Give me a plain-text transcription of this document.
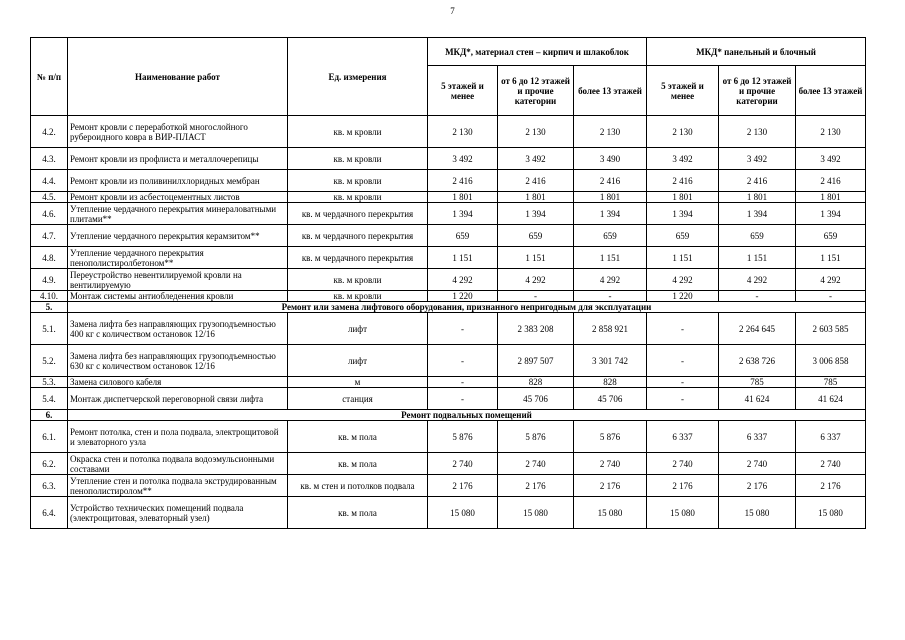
7
№ п/п	Наименование работ	Ед. измерения	МКД*, материал стен – кирпич и шлакоблок			МКД* панельный и блочный		
			5 этажей и менее	от 6 до 12 этажей и прочие категории	более 13 этажей	5 этажей и менее	от 6 до 12 этажей и прочие категории	более 13 этажей
4.2.	Ремонт кровли с переработкой многослойного рубероидного ковра в ВИР-ПЛАСТ	кв. м кровли	2 130	2 130	2 130	2 130	2 130	2 130
4.3.	Ремонт кровли из профлиста и металлочерепицы	кв. м кровли	3 492	3 492	3 490	3 492	3 492	3 492
4.4.	Ремонт кровли из поливинилхлоридных мембран	кв. м кровли	2 416	2 416	2 416	2 416	2 416	2 416
4.5.	Ремонт кровли из асбестоцементных листов	кв. м кровли	1 801	1 801	1 801	1 801	1 801	1 801
4.6.	Утепление чердачного перекрытия минераловатными плитами**	кв. м чердачного перекрытия	1 394	1 394	1 394	1 394	1 394	1 394
4.7.	Утепление чердачного перекрытия керамзитом**	кв. м чердачного перекрытия	659	659	659	659	659	659
4.8.	Утепление чердачного перекрытия пенополистиролбетоном**	кв. м чердачного перекрытия	1 151	1 151	1 151	1 151	1 151	1 151
4.9.	Переустройство невентилируемой кровли на вентилируемую	кв. м кровли	4 292	4 292	4 292	4 292	4 292	4 292
4.10.	Монтаж системы антиобледенения кровли	кв. м кровли	1 220	-	-	1 220	-	-
5.	Ремонт или замена лифтового оборудования, признанного непригодным для эксплуатации							
5.1.	Замена лифта без направляющих грузоподъемностью 400 кг с количеством остановок 12/16	лифт	-	2 383 208	2 858 921	-	2 264 645	2 603 585
5.2.	Замена лифта без направляющих грузоподъемностью 630 кг с количеством остановок 12/16	лифт	-	2 897 507	3 301 742	-	2 638 726	3 006 858
5.3.	Замена силового кабеля	м	-	828	828	-	785	785
5.4.	Монтаж диспетчерской переговорной связи лифта	станция	-	45 706	45 706	-	41 624	41 624
6.	Ремонт подвальных помещений							
6.1.	Ремонт потолка, стен и пола подвала, электрощитовой и элеваторного узла	кв. м пола	5 876	5 876	5 876	6 337	6 337	6 337
6.2.	Окраска стен и потолка подвала водоэмульсионными составами	кв. м пола	2 740	2 740	2 740	2 740	2 740	2 740
6.3.	Утепление стен и потолка подвала экструдированным пенополистиролом**	кв. м стен и потолков подвала	2 176	2 176	2 176	2 176	2 176	2 176
6.4.	Устройство технических помещений подвала (электрощитовая, элеваторный узел)	кв. м пола	15 080	15 080	15 080	15 080	15 080	15 080
